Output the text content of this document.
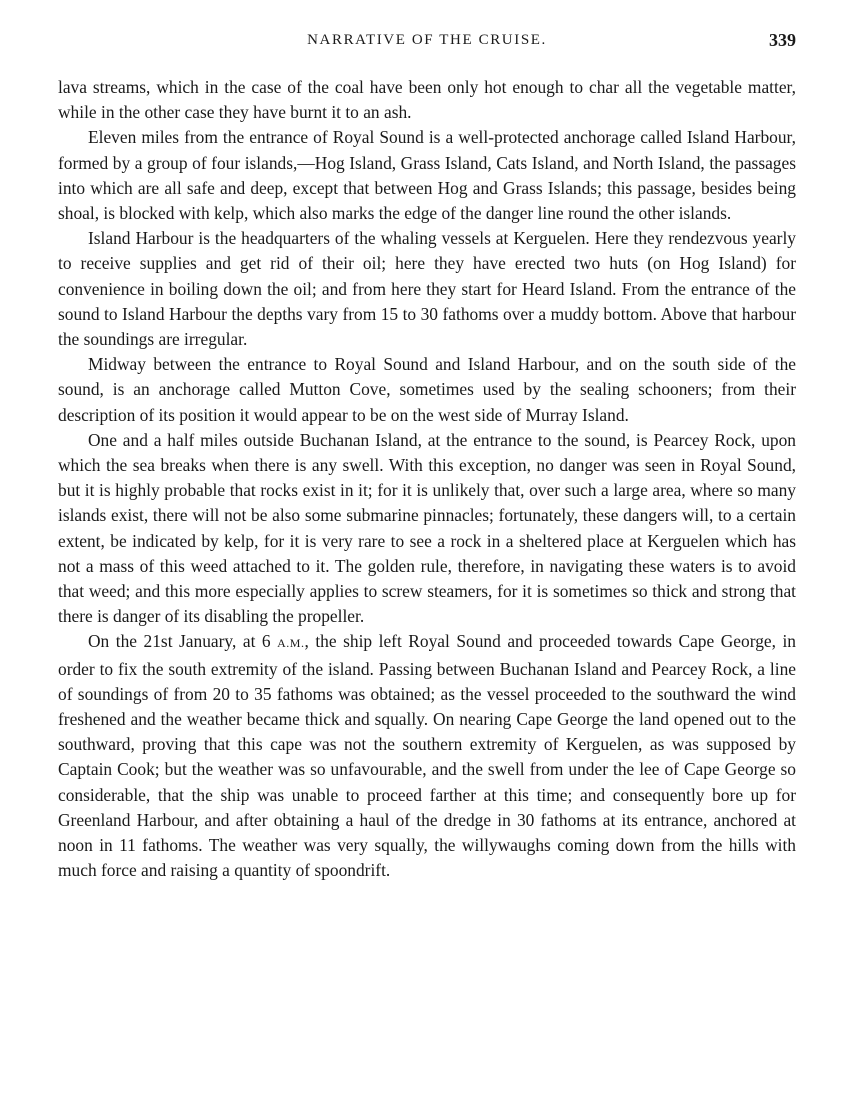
NARRATIVE OF THE CRUISE.	339

lava streams, which in the case of the coal have been only hot enough to char all the vegetable matter, while in the other case they have burnt it to an ash.

Eleven miles from the entrance of Royal Sound is a well-protected anchorage called Island Harbour, formed by a group of four islands,—Hog Island, Grass Island, Cats Island, and North Island, the passages into which are all safe and deep, except that between Hog and Grass Islands; this passage, besides being shoal, is blocked with kelp, which also marks the edge of the danger line round the other islands.

Island Harbour is the headquarters of the whaling vessels at Kerguelen. Here they rendezvous yearly to receive supplies and get rid of their oil; here they have erected two huts (on Hog Island) for convenience in boiling down the oil; and from here they start for Heard Island. From the entrance of the sound to Island Harbour the depths vary from 15 to 30 fathoms over a muddy bottom. Above that harbour the soundings are irregular.

Midway between the entrance to Royal Sound and Island Harbour, and on the south side of the sound, is an anchorage called Mutton Cove, sometimes used by the sealing schooners; from their description of its position it would appear to be on the west side of Murray Island.

One and a half miles outside Buchanan Island, at the entrance to the sound, is Pearcey Rock, upon which the sea breaks when there is any swell. With this exception, no danger was seen in Royal Sound, but it is highly probable that rocks exist in it; for it is unlikely that, over such a large area, where so many islands exist, there will not be also some submarine pinnacles; fortunately, these dangers will, to a certain extent, be indicated by kelp, for it is very rare to see a rock in a sheltered place at Kerguelen which has not a mass of this weed attached to it. The golden rule, therefore, in navigating these waters is to avoid that weed; and this more especially applies to screw steamers, for it is sometimes so thick and strong that there is danger of its disabling the propeller.

On the 21st January, at 6 A.M., the ship left Royal Sound and proceeded towards Cape George, in order to fix the south extremity of the island. Passing between Buchanan Island and Pearcey Rock, a line of soundings of from 20 to 35 fathoms was obtained; as the vessel proceeded to the southward the wind freshened and the weather became thick and squally. On nearing Cape George the land opened out to the southward, proving that this cape was not the southern extremity of Kerguelen, as was supposed by Captain Cook; but the weather was so unfavourable, and the swell from under the lee of Cape George so considerable, that the ship was unable to proceed farther at this time; and consequently bore up for Greenland Harbour, and after obtaining a haul of the dredge in 30 fathoms at its entrance, anchored at noon in 11 fathoms. The weather was very squally, the willywaughs coming down from the hills with much force and raising a quantity of spoondrift.
